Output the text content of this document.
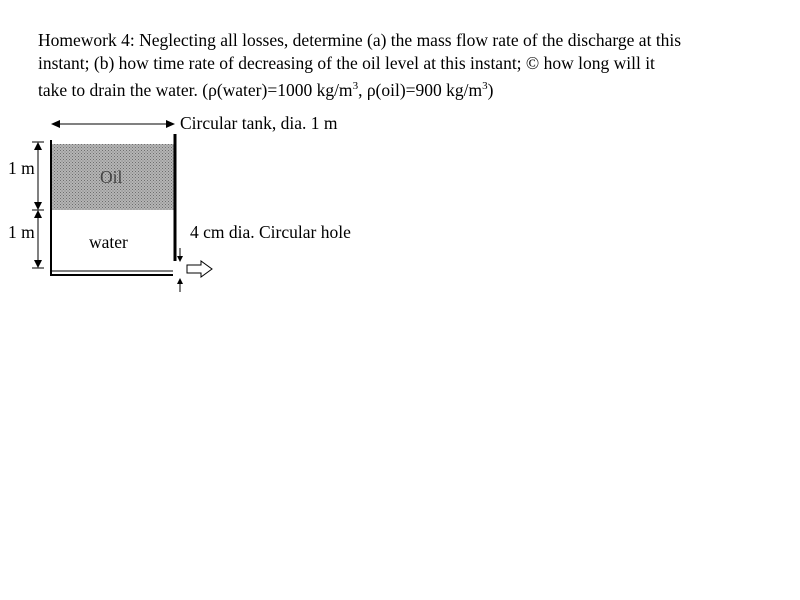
Homework 4: Neglecting all losses, determine (a) the mass flow rate of the discharge at this
instant; (b) how time rate of decreasing of the oil level at this instant; © how long will it
take to drain the water. (ρ(water)=1000 $kg/m^3$, ρ(oil)=900 $kg/m^3$)

Circular tank, dia. 1 m
1 m
1 m
Oil
water	4 cm dia. Circular hole
